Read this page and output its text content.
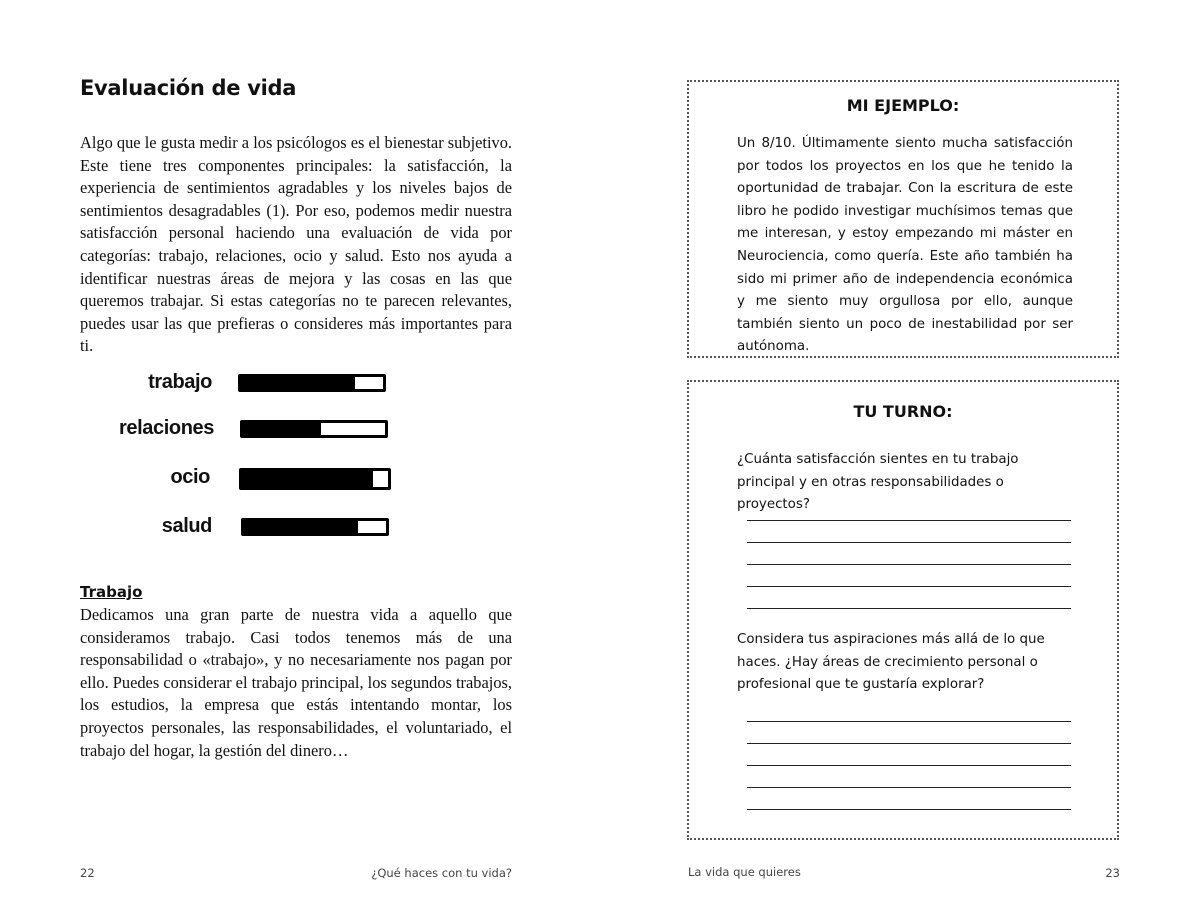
Evaluación de vida

Algo que le gusta medir a los psicólogos es el bienestar subjetivo. Este tiene tres componentes principales: la satisfacción, la experiencia de sentimientos agradables y los niveles bajos de sentimientos desagradables (1). Por eso, podemos medir nuestra satisfacción personal haciendo una evaluación de vida por categorías: trabajo, relaciones, ocio y salud. Esto nos ayuda a identificar nuestras áreas de mejora y las cosas en las que queremos trabajar. Si estas categorías no te parecen relevantes, puedes usar las que prefieras o consideres más importantes para ti.

trabajo
relaciones
ocio
salud
Trabajo

Dedicamos una gran parte de nuestra vida a aquello que consideramos trabajo. Casi todos tenemos más de una responsabilidad o «trabajo», y no necesariamente nos pagan por ello. Puedes considerar el trabajo principal, los segundos trabajos, los estudios, la empresa que estás intentando montar, los proyectos personales, las responsabilidades, el voluntariado, el trabajo del hogar, la gestión del dinero…

22	¿Qué haces con tu vida?
MI EJEMPLO:

Un 8/10. Últimamente siento mucha satisfacción por todos los proyectos en los que he tenido la oportunidad de trabajar. Con la escritura de este libro he podido investigar muchísimos temas que me interesan, y estoy empezando mi máster en Neurociencia, como quería. Este año también ha sido mi primer año de independencia económica y me siento muy orgullosa por ello, aunque también siento un poco de inestabilidad por ser autónoma.

TU TURNO:

¿Cuánta satisfacción sientes en tu trabajo principal y en otras responsabilidades o proyectos?

Considera tus aspiraciones más allá de lo que haces. ¿Hay áreas de crecimiento personal o profesional que te gustaría explorar?

La vida que quieres	23
